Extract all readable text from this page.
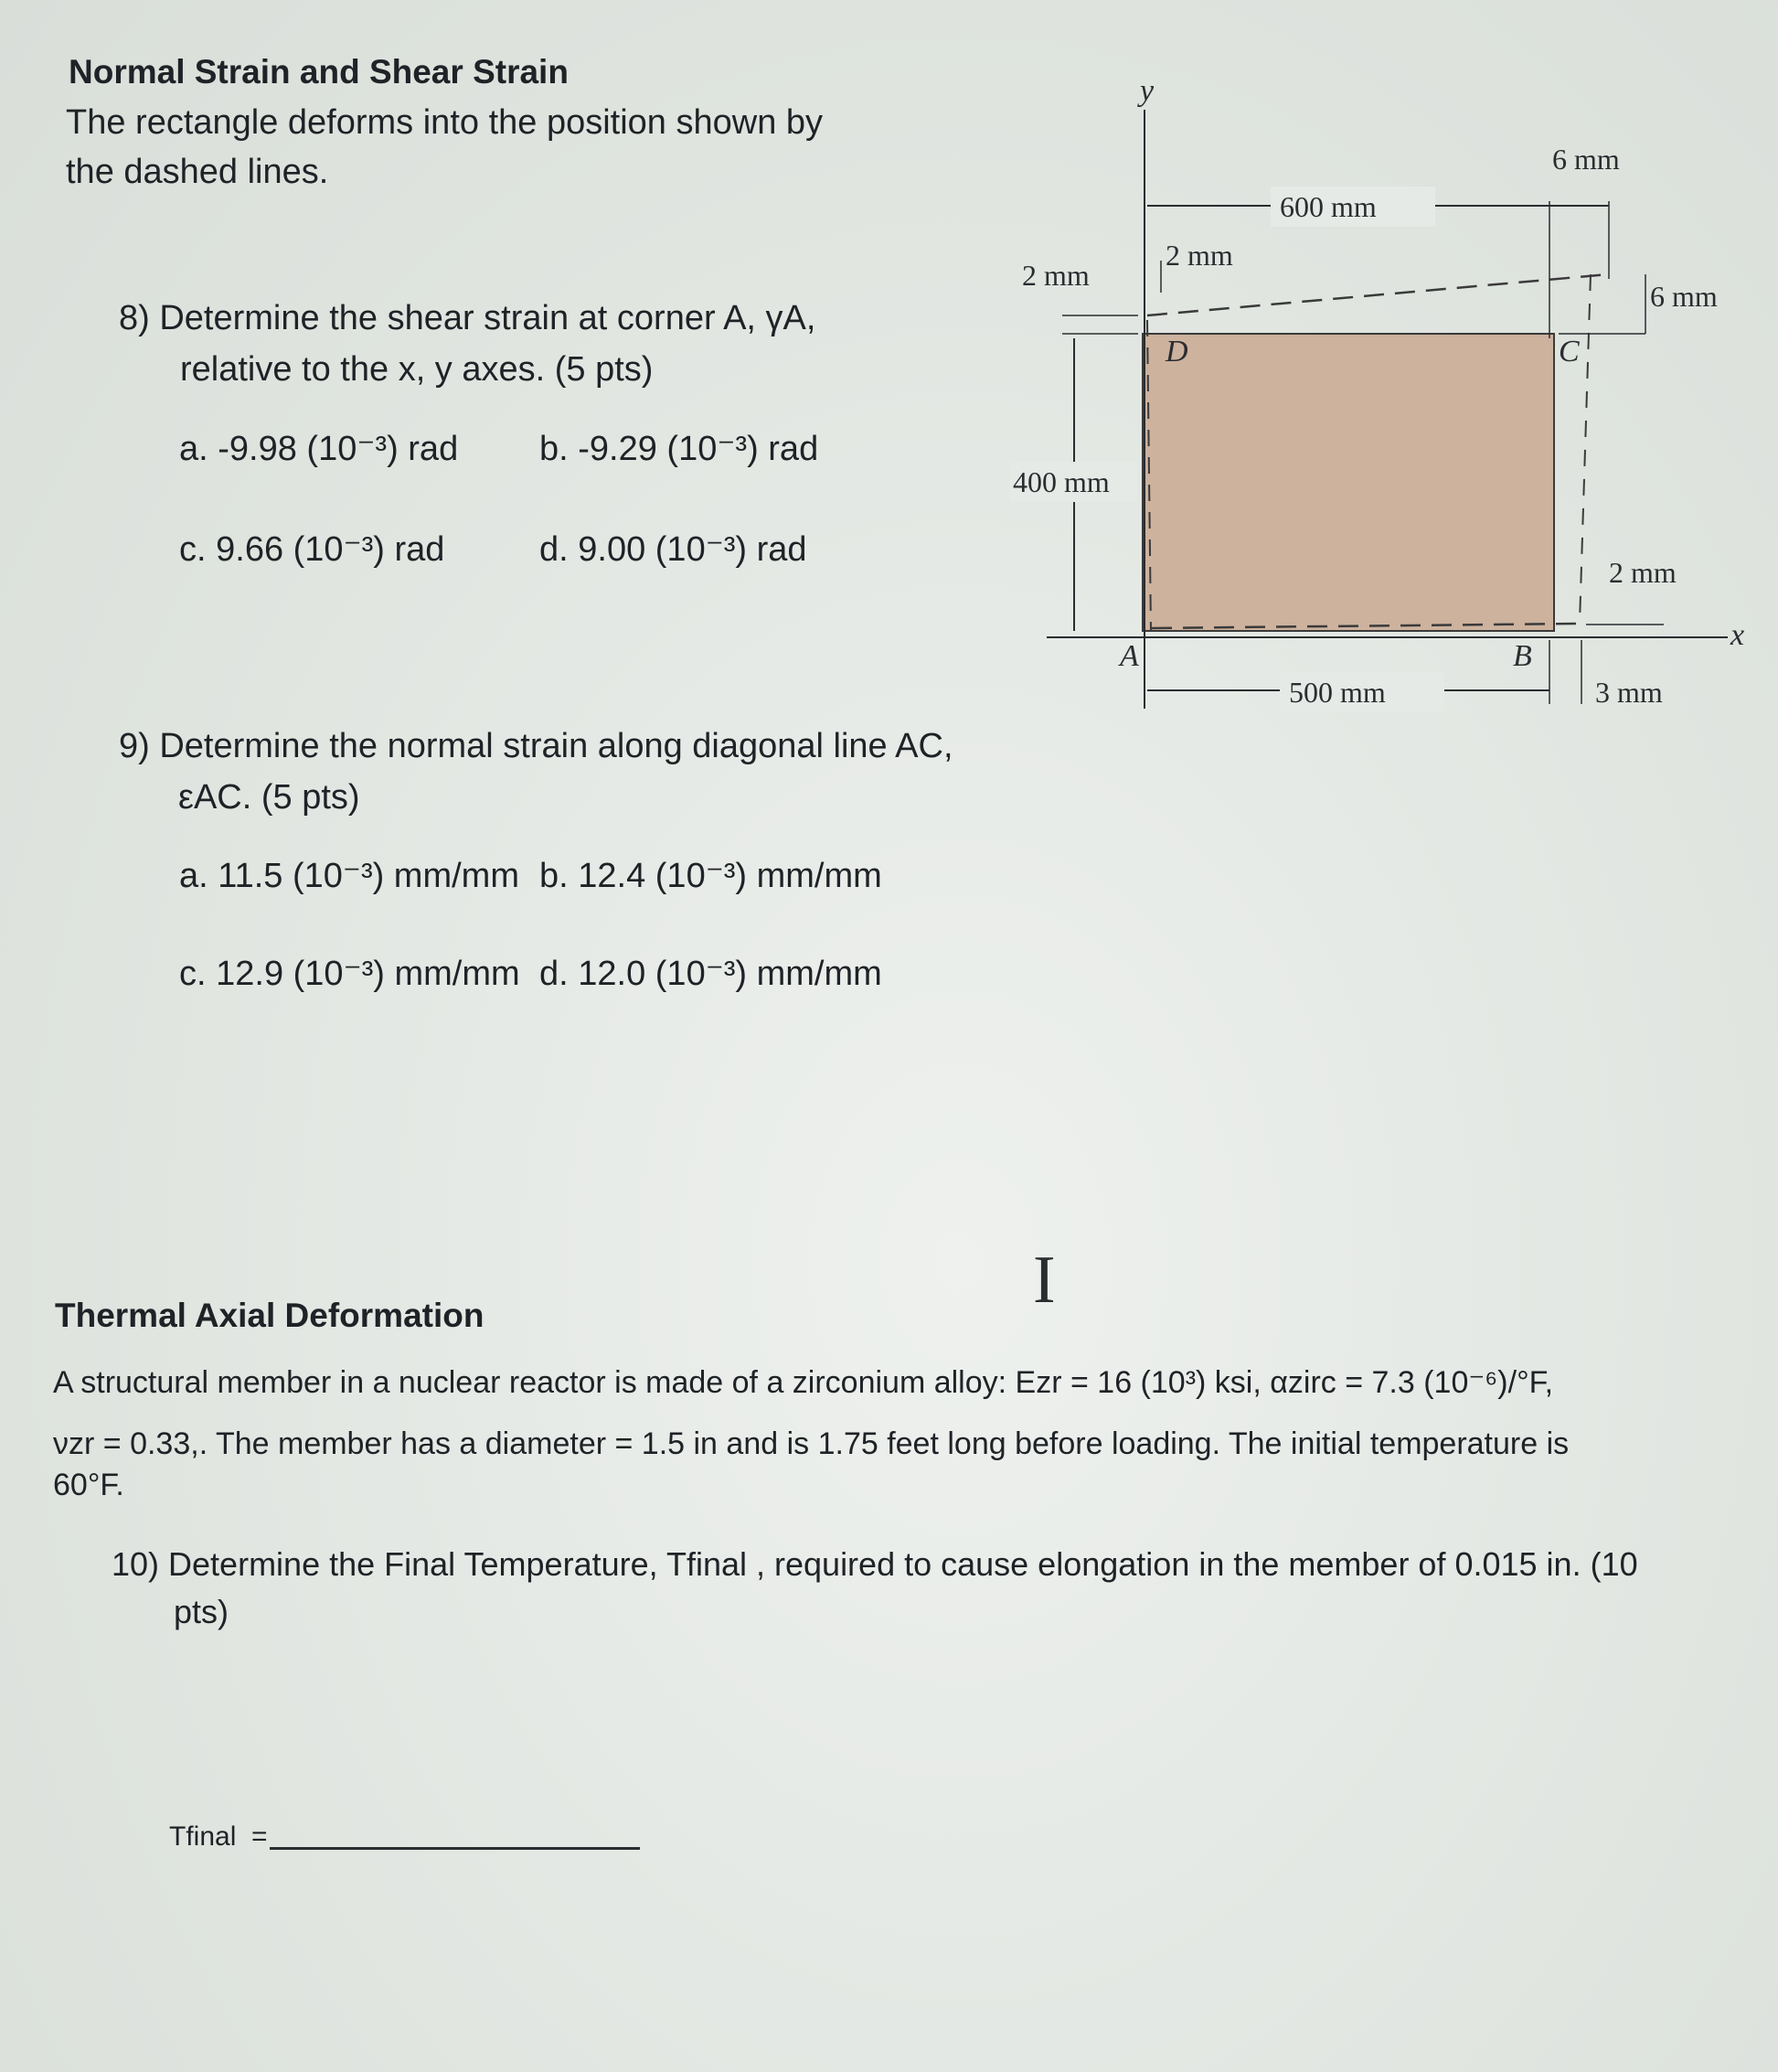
Normal Strain and Shear Strain
The rectangle deforms into the position shown by
the dashed lines.
8) Determine the shear strain at corner A, γA,
relative to the x, y axes. (5 pts)
a. -9.98 (10⁻³) rad b. -9.29 (10⁻³) rad
c. 9.66 (10⁻³) rad	d. 9.00 (10⁻³) rad
9) Determine the normal strain along diagonal line AC,
εAC. (5 pts)
a. 11.5 (10⁻³) mm/mm b. 12.4 (10⁻³) mm/mm
c. 12.9 (10⁻³) mm/mm d. 12.0 (10⁻³) mm/mm
600 mm
6 mm
6 mm
2 mm
2 mm
400 mm
2 mm
500 mm	3 mm
y
x
A	B
C
D
I
Thermal Axial Deformation
A structural member in a nuclear reactor is made of a zirconium alloy: Ezr = 16 (10³) ksi, αzirc = 7.3 (10⁻⁶)/°F,
νzr = 0.33,. The member has a diameter = 1.5 in and is 1.75 feet long before loading. The initial temperature is
60°F.
10) Determine the Final Temperature, Tfinal , required to cause elongation in the member of 0.015 in. (10
pts)
Tfinal  =
